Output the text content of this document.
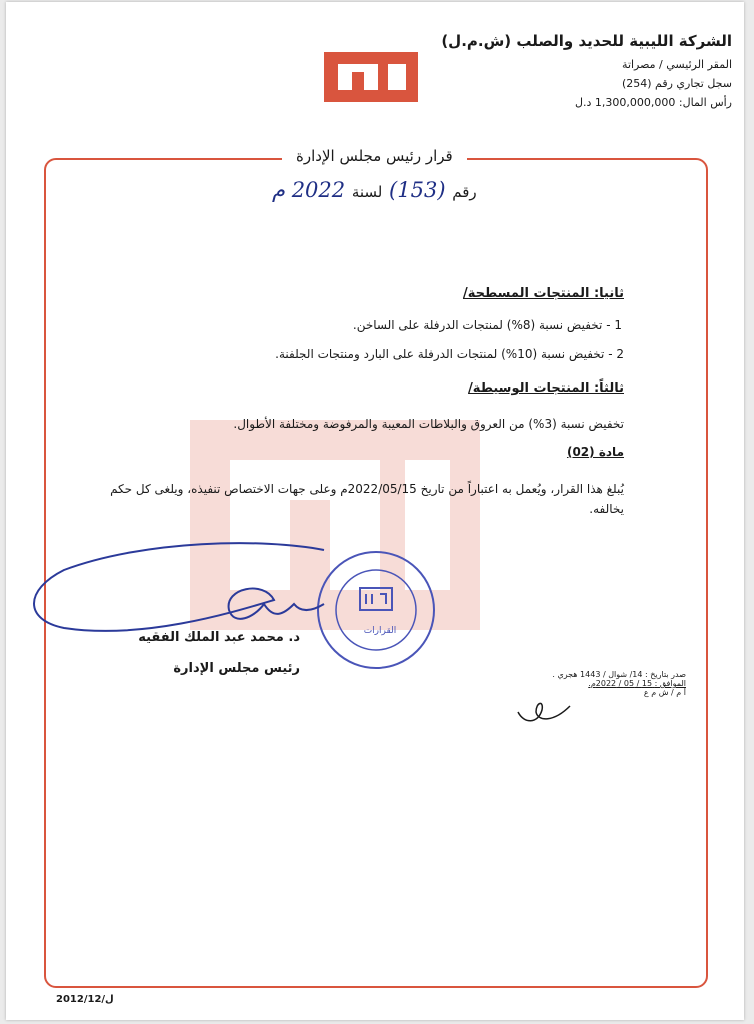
الشركة الليبية للحديد والصلب (ش.م.ل)
المقر الرئيسي / مصراتة
سجل تجاري رقم (254)
رأس المال: 1,300,000,000 د.ل
قرار رئيس مجلس الإدارة
رقم (153) لسنة 2022 م
ثانيا: المنتجات المسطحة/
1 - تخفيض نسبة (8%) لمنتجات الدرفلة على الساخن.
2 - تخفيض نسبة (10%) لمنتجات الدرفلة على البارد ومنتجات الجلفنة.
ثالثاً: المنتجات الوسيطة/
تخفيض نسبة (3%) من العروق والبلاطات المعيبة والمرفوضة ومختلفة الأطوال.
مادة (02)
يُبلغ هذا القرار، ويُعمل به اعتباراً من تاريخ 2022/05/15م وعلى جهات الاختصاص تنفيذه، ويلغى كل حكم يخالفه.
القرارات
د. محمد عبد الملك الفقيه
رئيس مجلس الإدارة	صدر بتاريخ : 14/ شوال / 1443 هجري .
الموافق : 15 / 05 / 2022م.
أ م / ش م ع
ل/2012/12
